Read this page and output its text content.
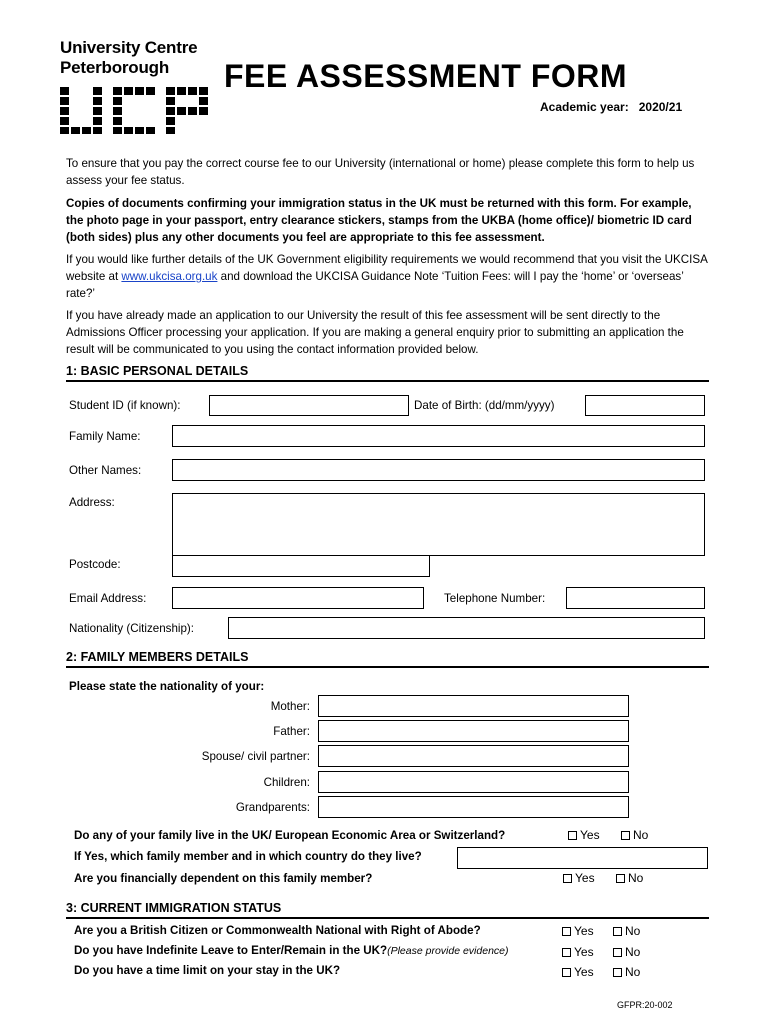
University Centre
Peterborough	FEE ASSESSMENT FORM
Academic year: 2020/21
To ensure that you pay the correct course fee to our University (international or home) please complete this form to help us assess your fee status.
Copies of documents confirming your immigration status in the UK must be returned with this form. For example, the photo page in your passport, entry clearance stickers, stamps from the UKBA (home office)/ biometric ID card (both sides) plus any other documents you feel are appropriate to this fee assessment.
If you would like further details of the UK Government eligibility requirements we would recommend that you visit the UKCISA website at www.ukcisa.org.uk and download the UKCISA Guidance Note ‘Tuition Fees: will I pay the ‘home’ or ‘overseas’ rate?’
If you have already made an application to our University the result of this fee assessment will be sent directly to the Admissions Officer processing your application. If you are making a general enquiry prior to submitting an application the result will be communicated to you using the contact information provided below.
1: BASIC PERSONAL DETAILS
Student ID (if known):	Date of Birth: (dd/mm/yyyy)
Family Name:
Other Names:
Address:
Postcode:
Email Address:	Telephone Number:
Nationality (Citizenship):
2: FAMILY MEMBERS DETAILS
Please state the nationality of your:
Mother:
Father:
Spouse/ civil partner:
Children:
Grandparents:
Do any of your family live in the UK/ European Economic Area or Switzerland?	Yes	No
If Yes, which family member and in which country do they live?
Are you financially dependent on this family member?	Yes	No
3: CURRENT IMMIGRATION STATUS
Are you a British Citizen or Commonwealth National with Right of Abode?	Yes	No
Do you have Indefinite Leave to Enter/Remain in the UK?(Please provide evidence)	Yes	No
Do you have a time limit on your stay in the UK?	Yes	No
GFPR:20-002
